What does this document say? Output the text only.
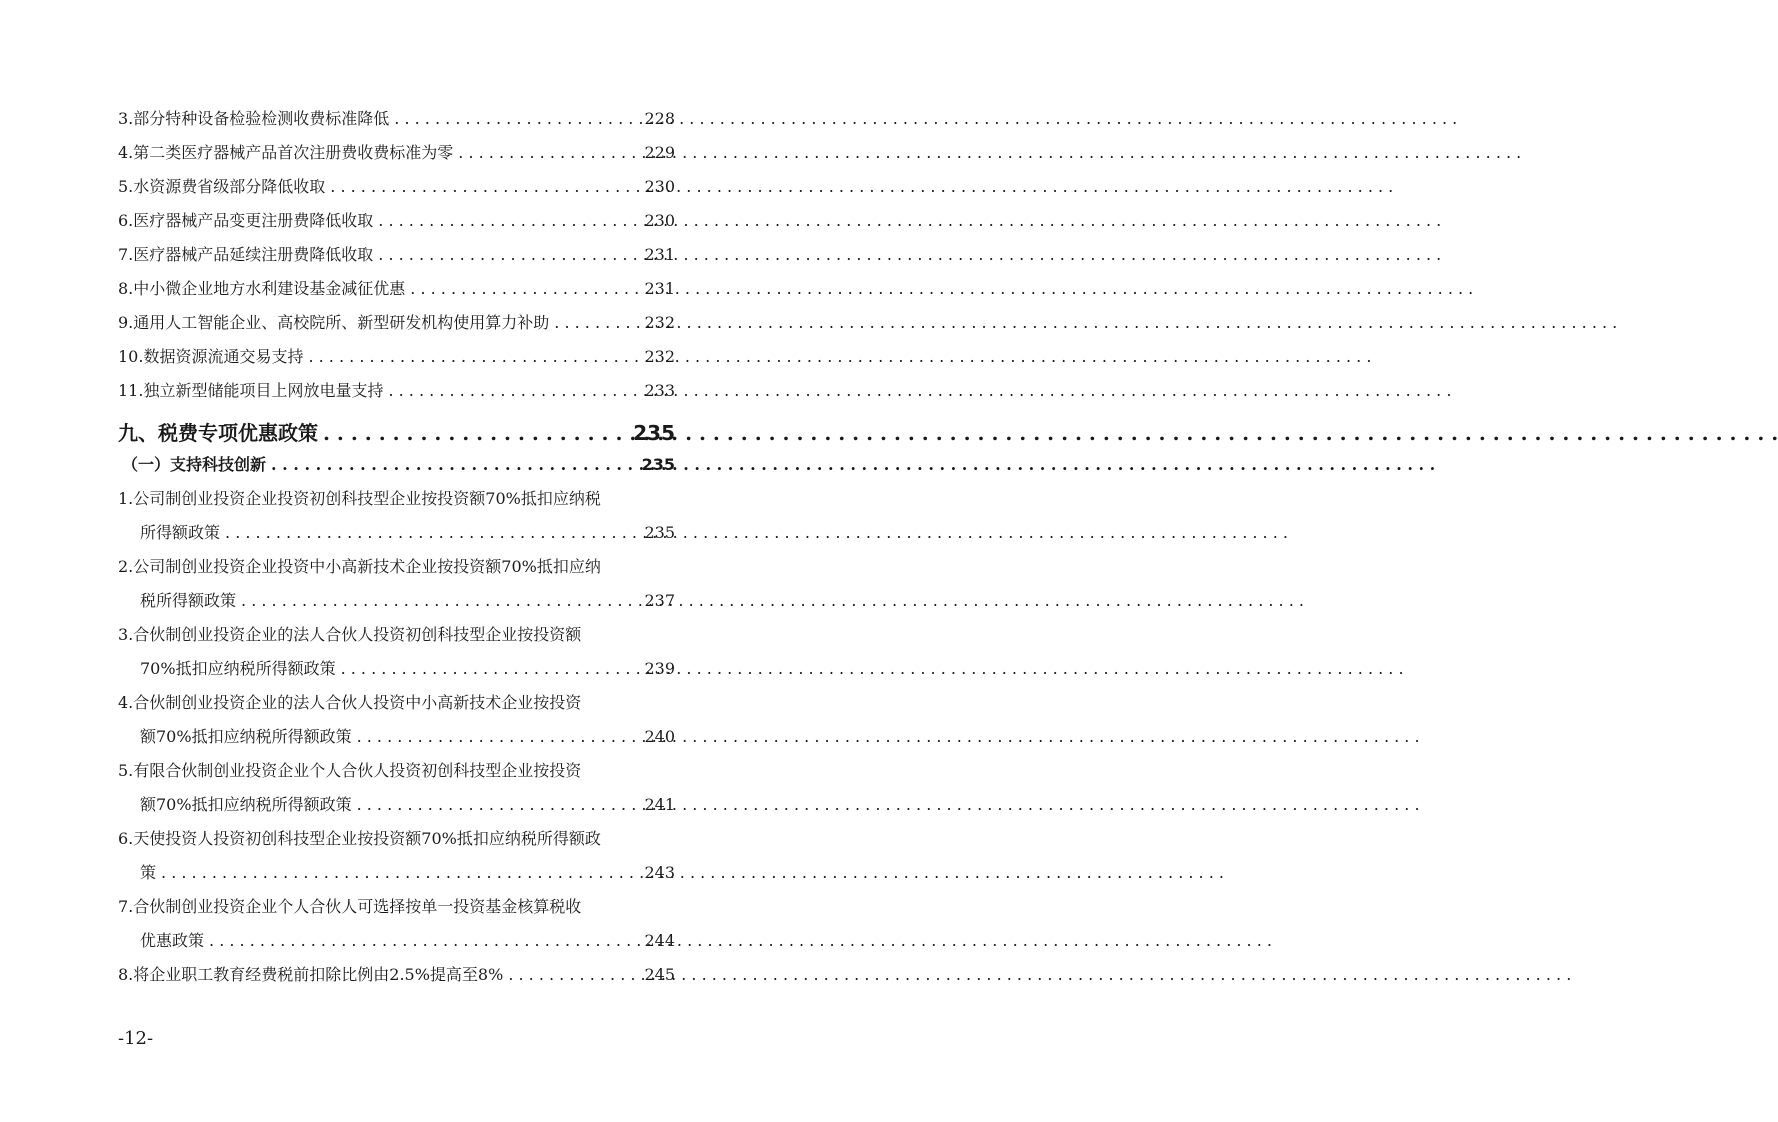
3.部分特种设备检验检测收费标准降低 . . .	228
4.第二类医疗器械产品首次注册费收费标准为零 . . .	229
5.水资源费省级部分降低收取 . . .	230
6.医疗器械产品变更注册费降低收取 . . .	230
7.医疗器械产品延续注册费降低收取 . . .	231
8.中小微企业地方水利建设基金减征优惠 . . .	231
9.通用人工智能企业、高校院所、新型研发机构使用算力补助 . . .	232
10.数据资源流通交易支持 . . .	232
11.独立新型储能项目上网放电量支持 . . .	233
九、税费专项优惠政策 . . .	235
（一）支持科技创新 . . .	235
1.公司制创业投资企业投资初创科技型企业按投资额70%抵扣应纳税
所得额政策 . . .	235
2.公司制创业投资企业投资中小高新技术企业按投资额70%抵扣应纳
税所得额政策 . . .	237
3.合伙制创业投资企业的法人合伙人投资初创科技型企业按投资额
70%抵扣应纳税所得额政策 . . .	239
4.合伙制创业投资企业的法人合伙人投资中小高新技术企业按投资
额70%抵扣应纳税所得额政策 . . .	240
5.有限合伙制创业投资企业个人合伙人投资初创科技型企业按投资
额70%抵扣应纳税所得额政策 . . .	241
6.天使投资人投资初创科技型企业按投资额70%抵扣应纳税所得额政
策 . . .	243
7.合伙制创业投资企业个人合伙人可选择按单一投资基金核算税收
优惠政策 . . .	244
8.将企业职工教育经费税前扣除比例由2.5%提高至8% . . .	245
-12-
